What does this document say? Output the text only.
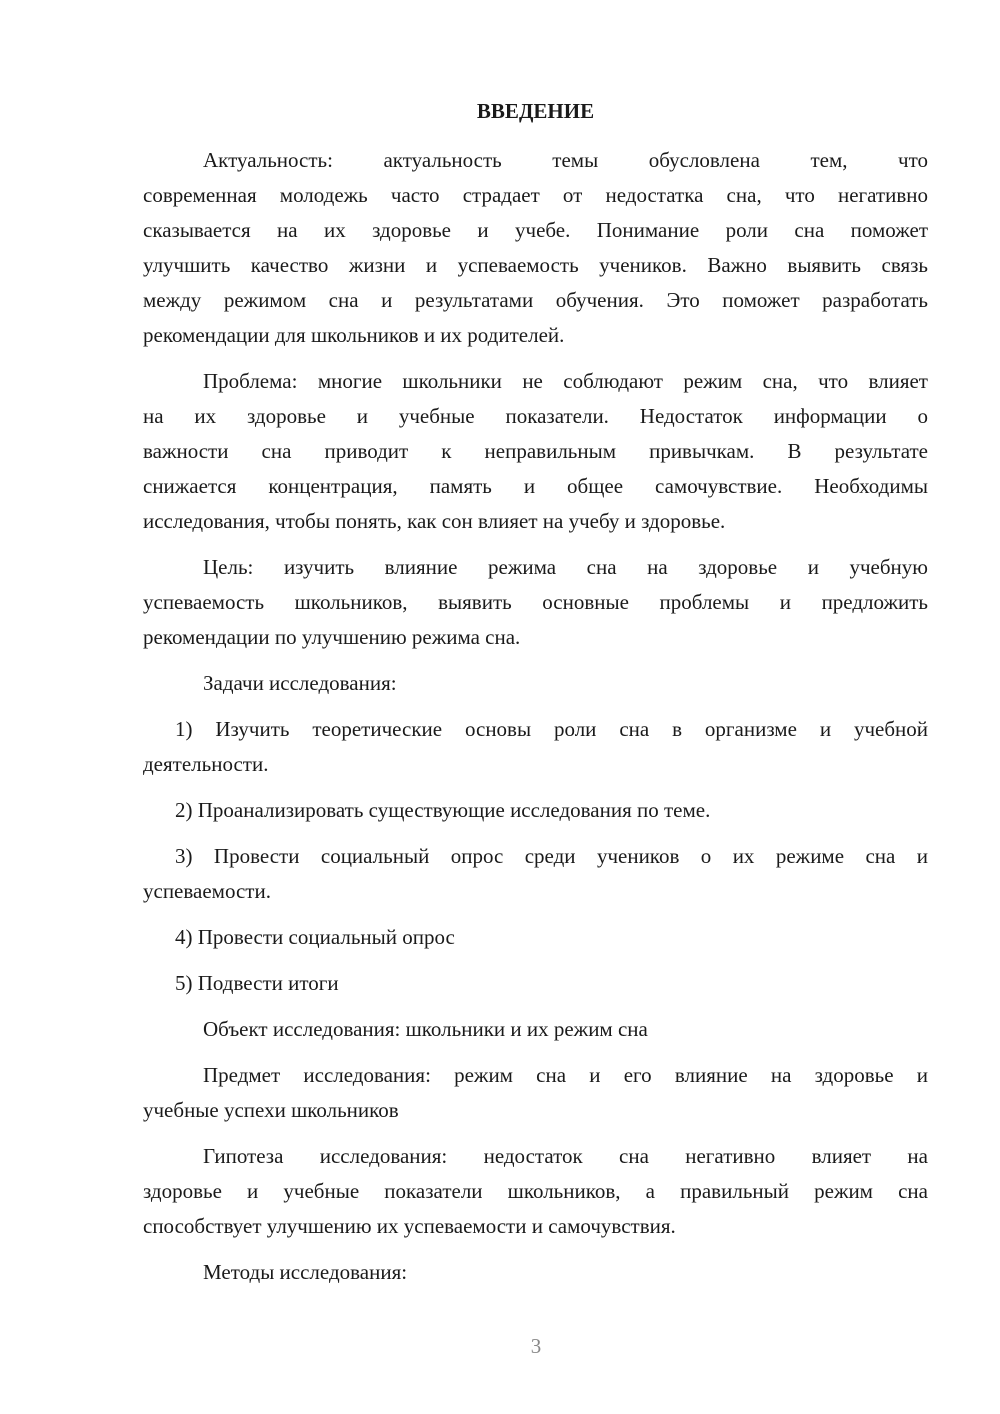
ВВЕДЕНИЕ
Актуальность: актуальность темы обусловлена тем, что
современная молодежь часто страдает от недостатка сна, что негативно
сказывается на их здоровье и учебе. Понимание роли сна поможет
улучшить качество жизни и успеваемость учеников. Важно выявить связь
между режимом сна и результатами обучения. Это поможет разработать
рекомендации для школьников и их родителей.
Проблема: многие школьники не соблюдают режим сна, что влияет
на их здоровье и учебные показатели. Недостаток информации о
важности сна приводит к неправильным привычкам. В результате
снижается концентрация, память и общее самочувствие. Необходимы
исследования, чтобы понять, как сон влияет на учебу и здоровье.
Цель: изучить влияние режима сна на здоровье и учебную
успеваемость школьников, выявить основные проблемы и предложить
рекомендации по улучшению режима сна.
Задачи исследования:
1) Изучить теоретические основы роли сна в организме и учебной
деятельности.
2) Проанализировать существующие исследования по теме.
3) Провести социальный опрос среди учеников о их режиме сна и
успеваемости.
4) Провести социальный опрос
5) Подвести итоги
Объект исследования: школьники и их режим сна
Предмет исследования: режим сна и его влияние на здоровье и
учебные успехи школьников
Гипотеза исследования: недостаток сна негативно влияет на
здоровье и учебные показатели школьников, а правильный режим сна
способствует улучшению их успеваемости и самочувствия.
Методы исследования:
3
